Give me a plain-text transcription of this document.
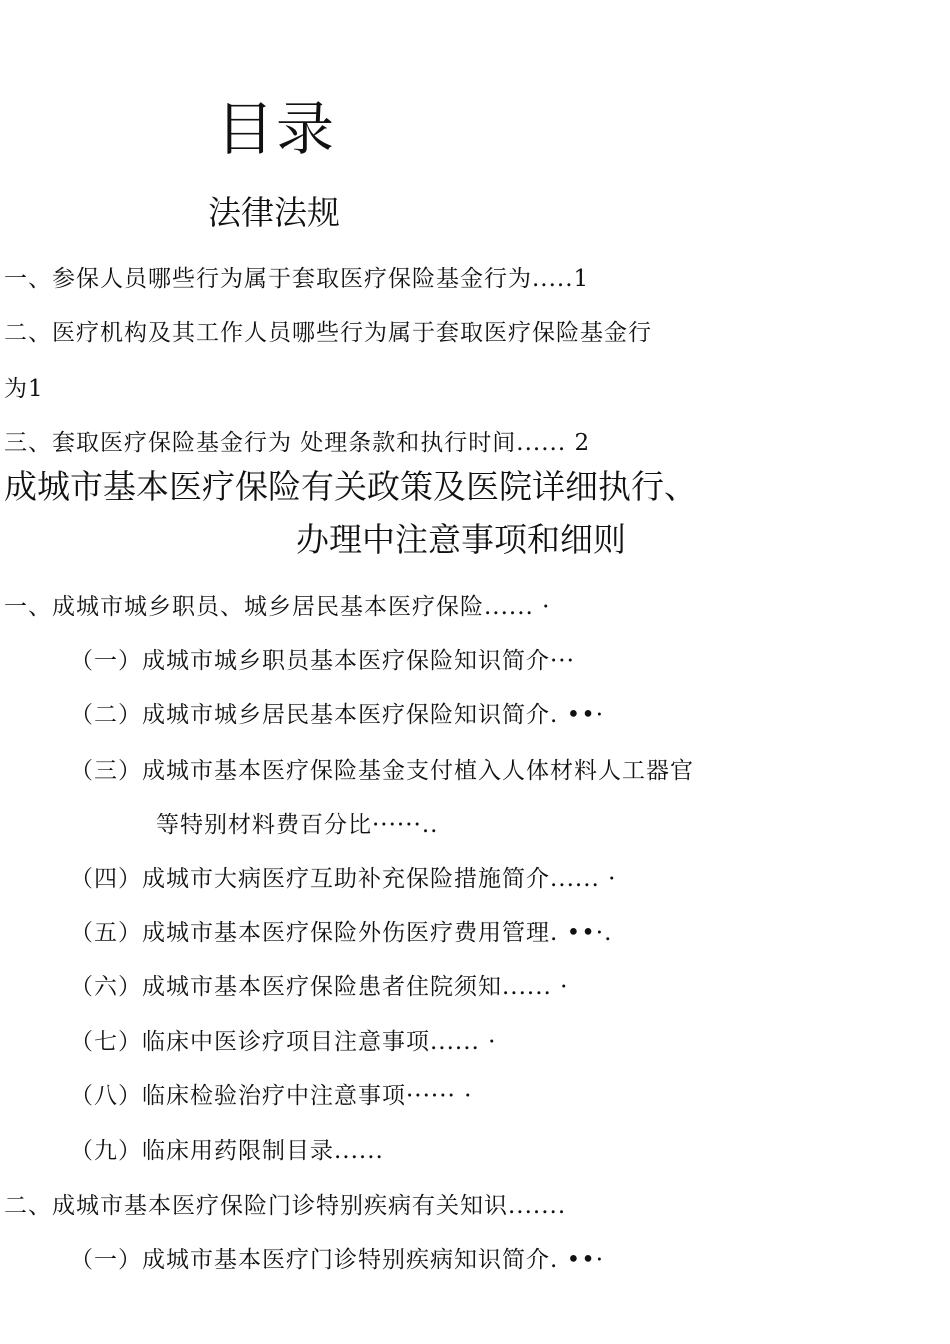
目录
法律法规
一、参保人员哪些行为属于套取医疗保险基金行为.....1
二、医疗机构及其工作人员哪些行为属于套取医疗保险基金行
为1
三、套取医疗保险基金行为 处理条款和执行时间...... 2
成城市基本医疗保险有关政策及医院详细执行、
办理中注意事项和细则
一、成城市城乡职员、城乡居民基本医疗保险...... ·
（一）成城市城乡职员基本医疗保险知识简介···
（二）成城市城乡居民基本医疗保险知识简介. ••·
（三）成城市基本医疗保险基金支付植入人体材料人工器官
等特别材料费百分比······..
（四）成城市大病医疗互助补充保险措施简介...... ·
（五）成城市基本医疗保险外伤医疗费用管理. ••·.
（六）成城市基本医疗保险患者住院须知...... ·
（七）临床中医诊疗项目注意事项...... ·
（八）临床检验治疗中注意事项······ ·
（九）临床用药限制目录......
二、成城市基本医疗保险门诊特别疾病有关知识.......
（一）成城市基本医疗门诊特别疾病知识简介. ••·
